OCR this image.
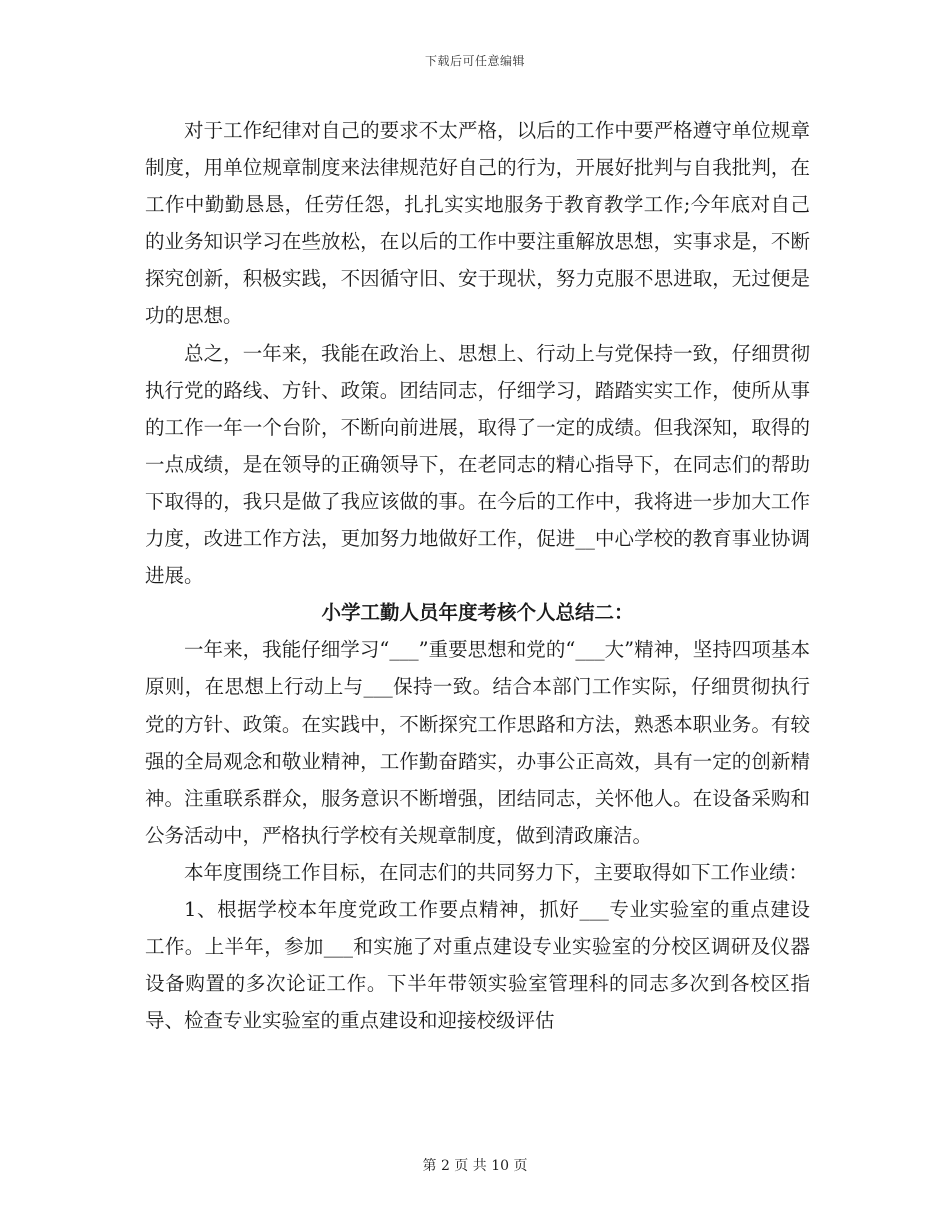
下载后可任意编辑

对于工作纪律对自己的要求不太严格，以后的工作中要严格遵守单位规章制度，用单位规章制度来法律规范好自己的行为，开展好批判与自我批判，在工作中勤勤恳恳，任劳任怨，扎扎实实地服务于教育教学工作;今年底对自己的业务知识学习在些放松，在以后的工作中要注重解放思想，实事求是，不断探究创新，积极实践，不因循守旧、安于现状，努力克服不思进取，无过便是功的思想。

总之，一年来，我能在政治上、思想上、行动上与党保持一致，仔细贯彻执行党的路线、方针、政策。团结同志，仔细学习，踏踏实实工作，使所从事的工作一年一个台阶，不断向前进展，取得了一定的成绩。但我深知，取得的一点成绩，是在领导的正确领导下，在老同志的精心指导下，在同志们的帮助下取得的，我只是做了我应该做的事。在今后的工作中，我将进一步加大工作力度，改进工作方法，更加努力地做好工作，促进__中心学校的教育事业协调进展。

小学工勤人员年度考核个人总结二：

一年来，我能仔细学习“___”重要思想和党的“___大”精神，坚持四项基本原则，在思想上行动上与___保持一致。结合本部门工作实际，仔细贯彻执行党的方针、政策。在实践中，不断探究工作思路和方法，熟悉本职业务。有较强的全局观念和敬业精神，工作勤奋踏实，办事公正高效，具有一定的创新精神。注重联系群众，服务意识不断增强，团结同志，关怀他人。在设备采购和公务活动中，严格执行学校有关规章制度，做到清政廉洁。

本年度围绕工作目标，在同志们的共同努力下，主要取得如下工作业绩：

1、根据学校本年度党政工作要点精神，抓好___专业实验室的重点建设工作。上半年，参加___和实施了对重点建设专业实验室的分校区调研及仪器设备购置的多次论证工作。下半年带领实验室管理科的同志多次到各校区指导、检查专业实验室的重点建设和迎接校级评估

第 2 页 共 10 页
